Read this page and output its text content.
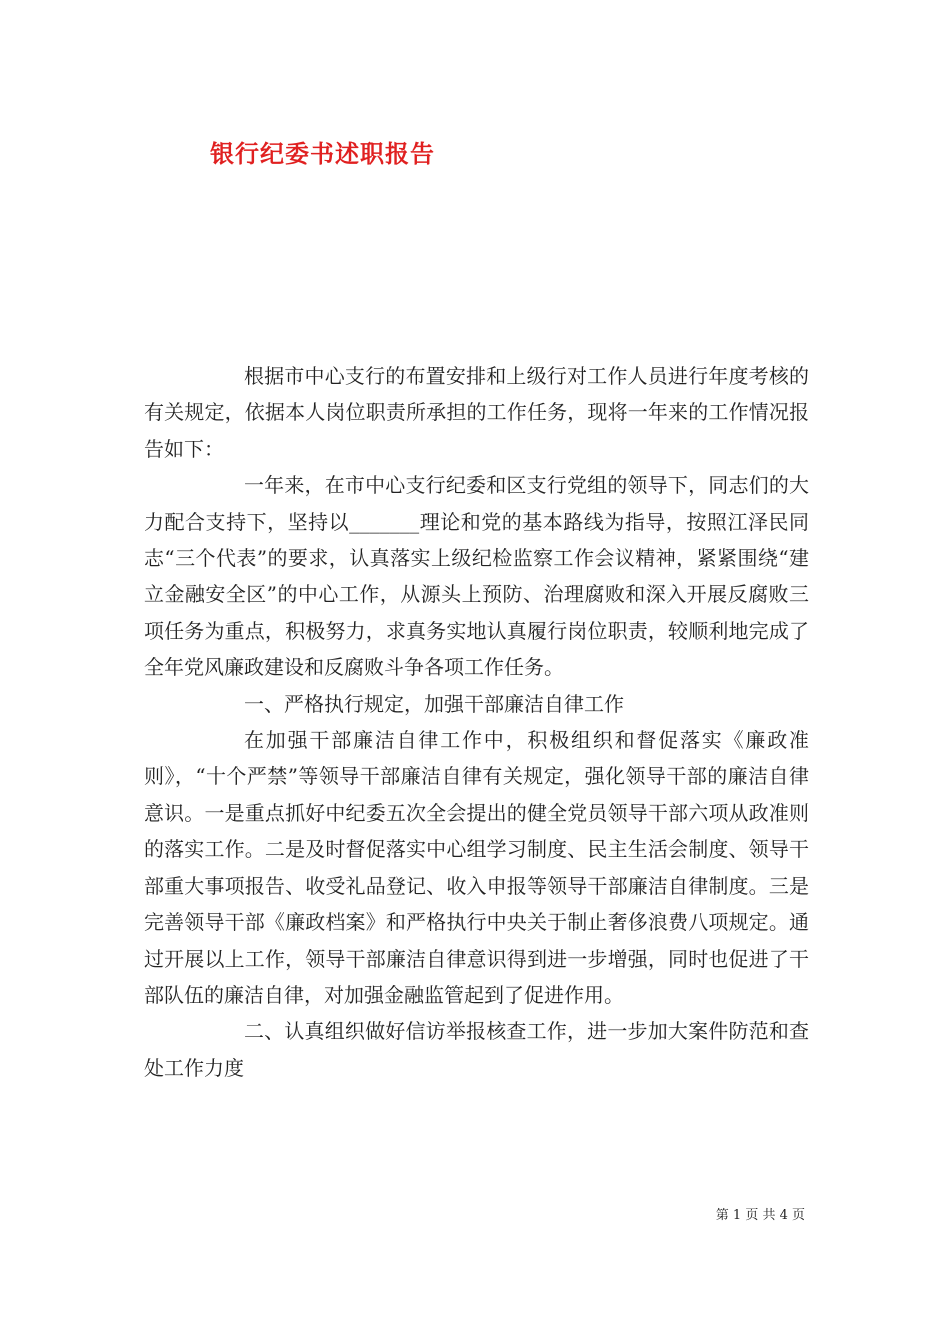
银行纪委书述职报告

根据市中心支行的布置安排和上级行对工作人员进行年度考核的有关规定，依据本人岗位职责所承担的工作任务，现将一年来的工作情况报告如下：

一年来，在市中心支行纪委和区支行党组的领导下，同志们的大力配合支持下，坚持以_______理论和党的基本路线为指导，按照江泽民同志“三个代表”的要求，认真落实上级纪检监察工作会议精神，紧紧围绕“建立金融安全区”的中心工作，从源头上预防、治理腐败和深入开展反腐败三项任务为重点，积极努力，求真务实地认真履行岗位职责，较顺利地完成了全年党风廉政建设和反腐败斗争各项工作任务。

一、严格执行规定，加强干部廉洁自律工作

在加强干部廉洁自律工作中，积极组织和督促落实《廉政准则》，“十个严禁”等领导干部廉洁自律有关规定，强化领导干部的廉洁自律意识。一是重点抓好中纪委五次全会提出的健全党员领导干部六项从政准则的落实工作。二是及时督促落实中心组学习制度、民主生活会制度、领导干部重大事项报告、收受礼品登记、收入申报等领导干部廉洁自律制度。三是完善领导干部《廉政档案》和严格执行中央关于制止奢侈浪费八项规定。通过开展以上工作，领导干部廉洁自律意识得到进一步增强，同时也促进了干部队伍的廉洁自律，对加强金融监管起到了促进作用。

二、认真组织做好信访举报核查工作，进一步加大案件防范和查处工作力度

第 1 页 共 4 页
